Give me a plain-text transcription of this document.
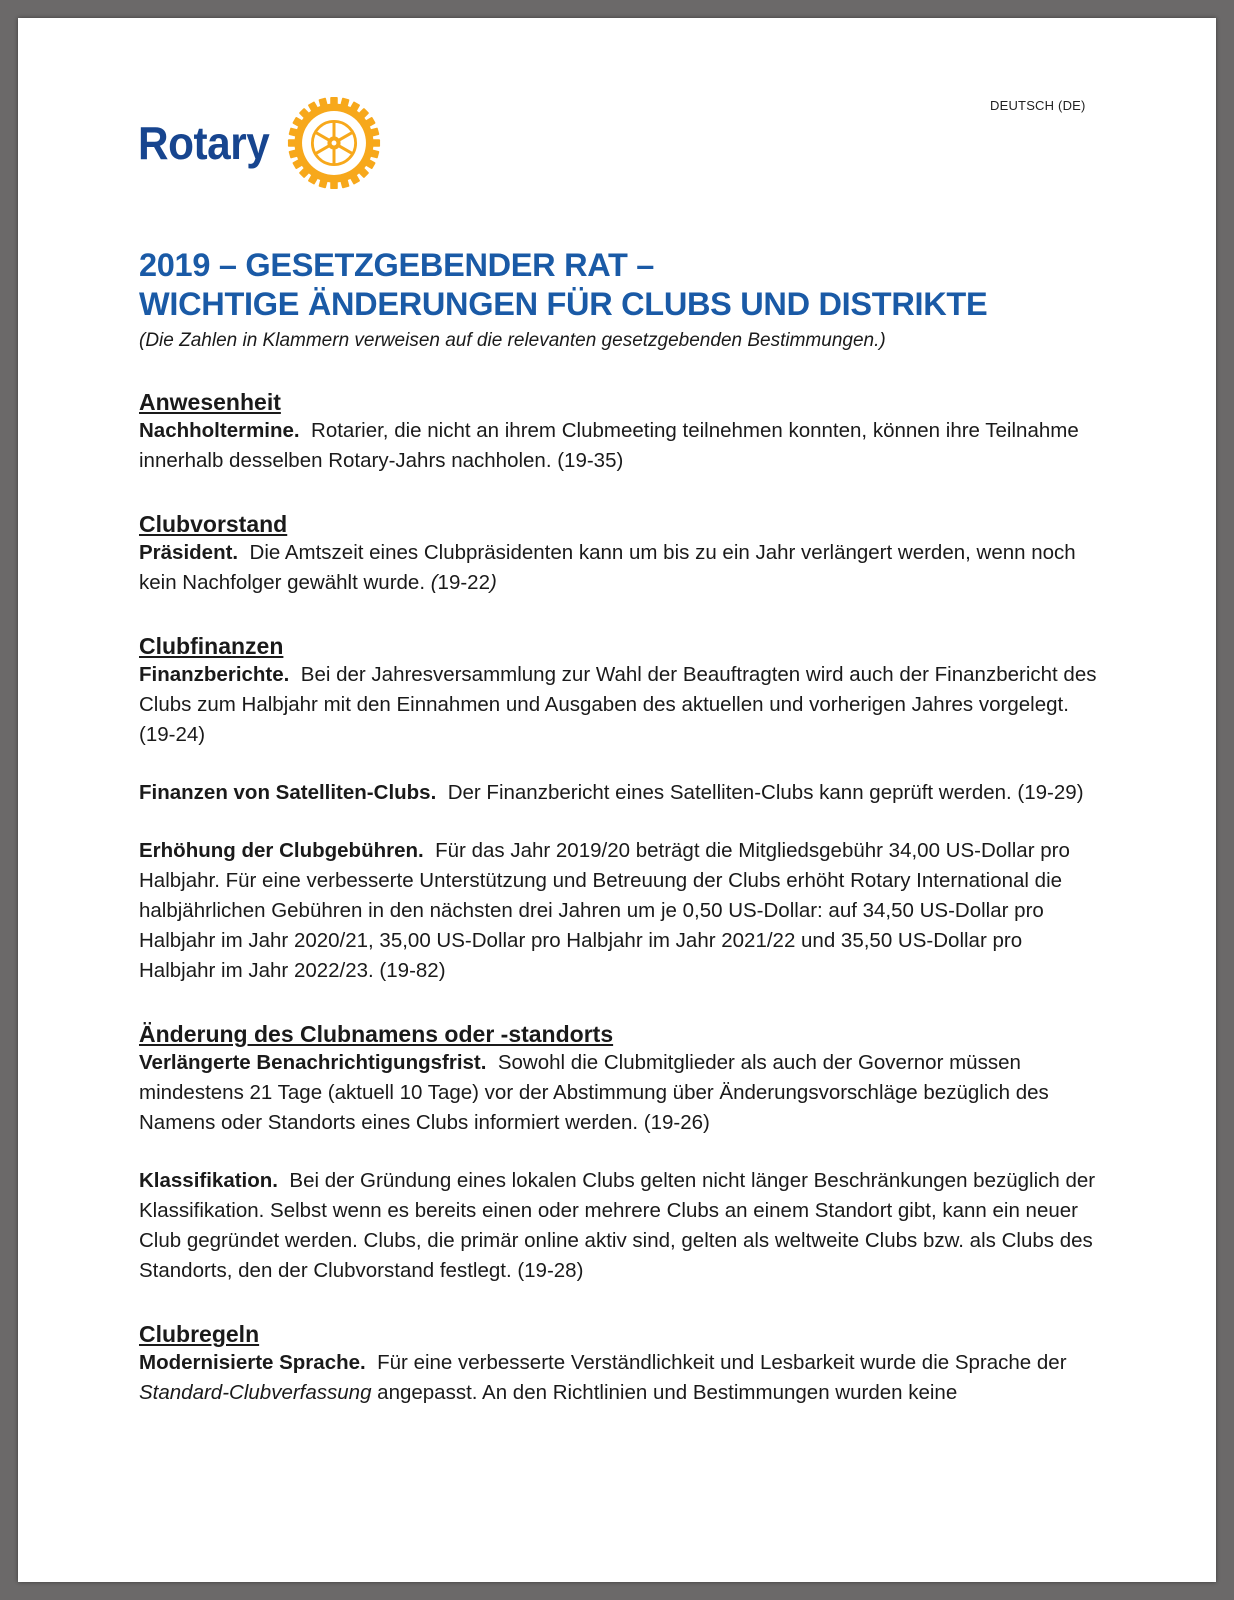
DEUTSCH (DE)
Rotary	ROTARY
INTERNATIONAL
2019 – GESETZGEBENDER RAT –
WICHTIGE ÄNDERUNGEN FÜR CLUBS UND DISTRIKTE

(Die Zahlen in Klammern verweisen auf die relevanten gesetzgebenden Bestimmungen.)

Anwesenheit

Nachholtermine. Rotarier, die nicht an ihrem Clubmeeting teilnehmen konnten, können ihre Teilnahme innerhalb desselben Rotary-Jahrs nachholen. (19-35)

Clubvorstand

Präsident. Die Amtszeit eines Clubpräsidenten kann um bis zu ein Jahr verlängert werden, wenn noch kein Nachfolger gewählt wurde. (19-22)

Clubfinanzen

Finanzberichte. Bei der Jahresversammlung zur Wahl der Beauftragten wird auch der Finanzbericht des Clubs zum Halbjahr mit den Einnahmen und Ausgaben des aktuellen und vorherigen Jahres vorgelegt. (19-24)

Finanzen von Satelliten-Clubs. Der Finanzbericht eines Satelliten-Clubs kann geprüft werden. (19-29)

Erhöhung der Clubgebühren. Für das Jahr 2019/20 beträgt die Mitgliedsgebühr 34,00 US-Dollar pro Halbjahr. Für eine verbesserte Unterstützung und Betreuung der Clubs erhöht Rotary International die halbjährlichen Gebühren in den nächsten drei Jahren um je 0,50 US-Dollar: auf 34,50 US-Dollar pro Halbjahr im Jahr 2020/21, 35,00 US-Dollar pro Halbjahr im Jahr 2021/22 und 35,50 US-Dollar pro Halbjahr im Jahr 2022/23. (19-82)

Änderung des Clubnamens oder -standorts

Verlängerte Benachrichtigungsfrist. Sowohl die Clubmitglieder als auch der Governor müssen mindestens 21 Tage (aktuell 10 Tage) vor der Abstimmung über Änderungsvorschläge bezüglich des Namens oder Standorts eines Clubs informiert werden. (19-26)

Klassifikation. Bei der Gründung eines lokalen Clubs gelten nicht länger Beschränkungen bezüglich der Klassifikation. Selbst wenn es bereits einen oder mehrere Clubs an einem Standort gibt, kann ein neuer Club gegründet werden. Clubs, die primär online aktiv sind, gelten als weltweite Clubs bzw. als Clubs des Standorts, den der Clubvorstand festlegt. (19-28)

Clubregeln

Modernisierte Sprache. Für eine verbesserte Verständlichkeit und Lesbarkeit wurde die Sprache der Standard-Clubverfassung angepasst. An den Richtlinien und Bestimmungen wurden keine
